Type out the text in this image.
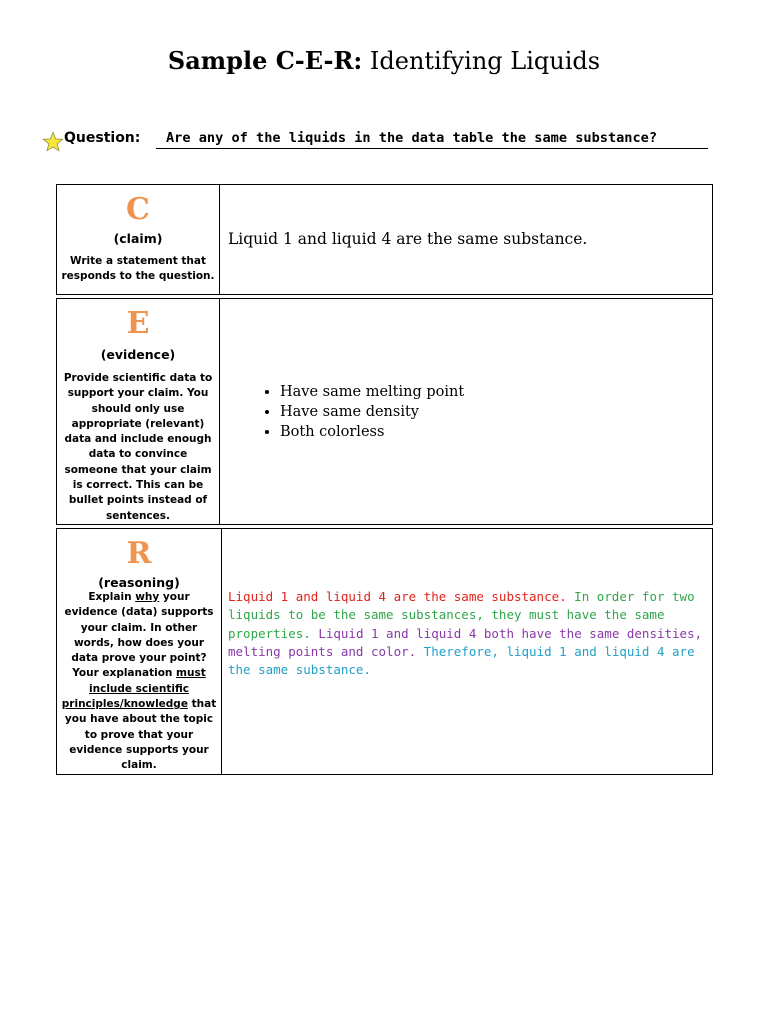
Sample C-E-R: Identifying Liquids
Question:	Are any of the liquids in the data table the same substance?
C
(claim)
Write a statement that responds to the question.
Liquid 1 and liquid 4 are the same substance.
E
(evidence)
Provide scientific data to support your claim. You should only use appropriate (relevant) data and include enough data to convince someone that your claim is correct. This can be bullet points instead of sentences.
• Have same melting point
• Have same density
• Both colorless
R
(reasoning)
Explain why your evidence (data) supports your claim. In other words, how does your data prove your point? Your explanation must include scientific principles/knowledge that you have about the topic to prove that your evidence supports your claim.
Liquid 1 and liquid 4 are the same substance. In order for two liquids to be the same substances, they must have the same properties. Liquid 1 and liquid 4 both have the same densities, melting points and color. Therefore, liquid 1 and liquid 4 are the same substance.
